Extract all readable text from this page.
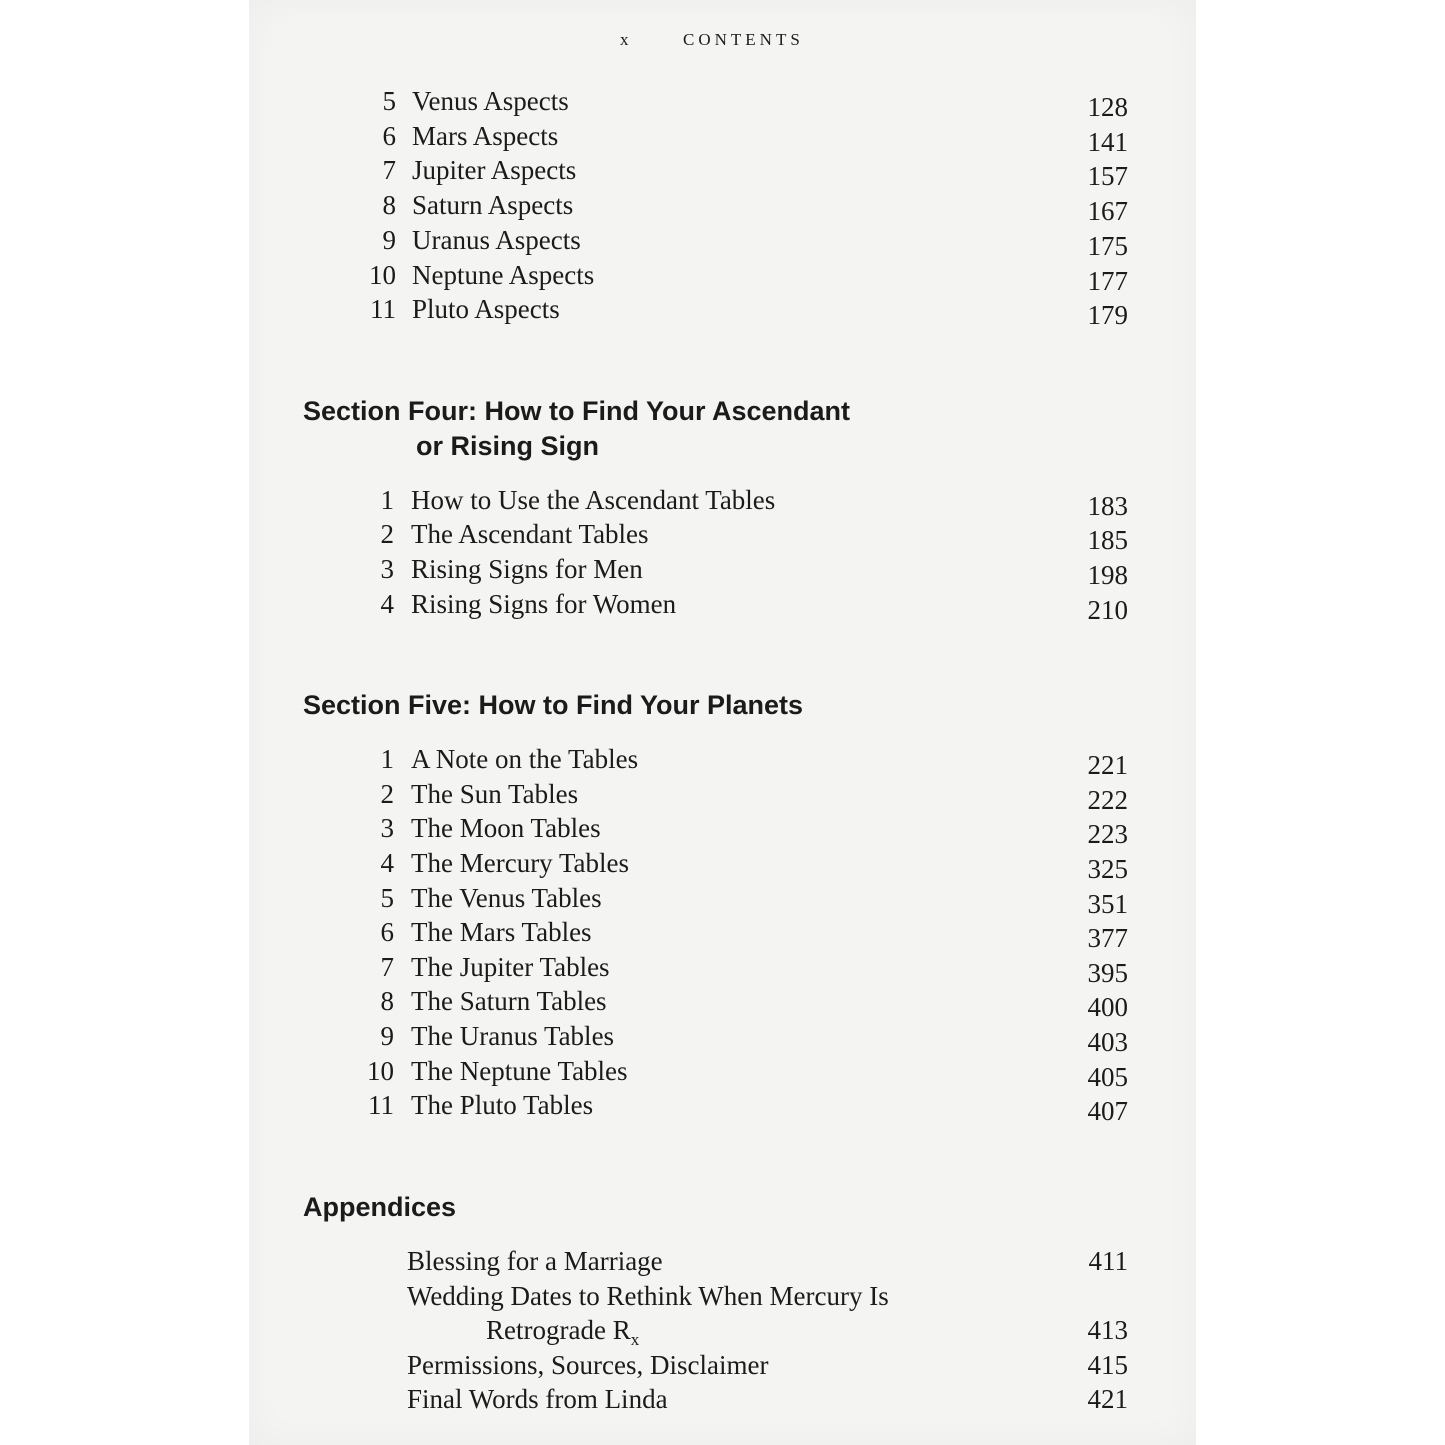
x	CONTENTS
5 Venus Aspects	128
6 Mars Aspects	141
7 Jupiter Aspects	157
8 Saturn Aspects	167
9 Uranus Aspects	175
10 Neptune Aspects	177
11 Pluto Aspects	179
Section Four: How to Find Your Ascendant
or Rising Sign
1 How to Use the Ascendant Tables	183
2 The Ascendant Tables	185
3 Rising Signs for Men	198
4 Rising Signs for Women	210
Section Five: How to Find Your Planets
1 A Note on the Tables	221
2 The Sun Tables	222
3 The Moon Tables	223
4 The Mercury Tables	325
5 The Venus Tables	351
6 The Mars Tables	377
7 The Jupiter Tables	395
8 The Saturn Tables	400
9 The Uranus Tables	403
10 The Neptune Tables	405
11 The Pluto Tables	407
Appendices
Blessing for a Marriage	411
Wedding Dates to Rethink When Mercury Is
Retrograde $R_x$	413
Permissions, Sources, Disclaimer	415
Final Words from Linda	421
